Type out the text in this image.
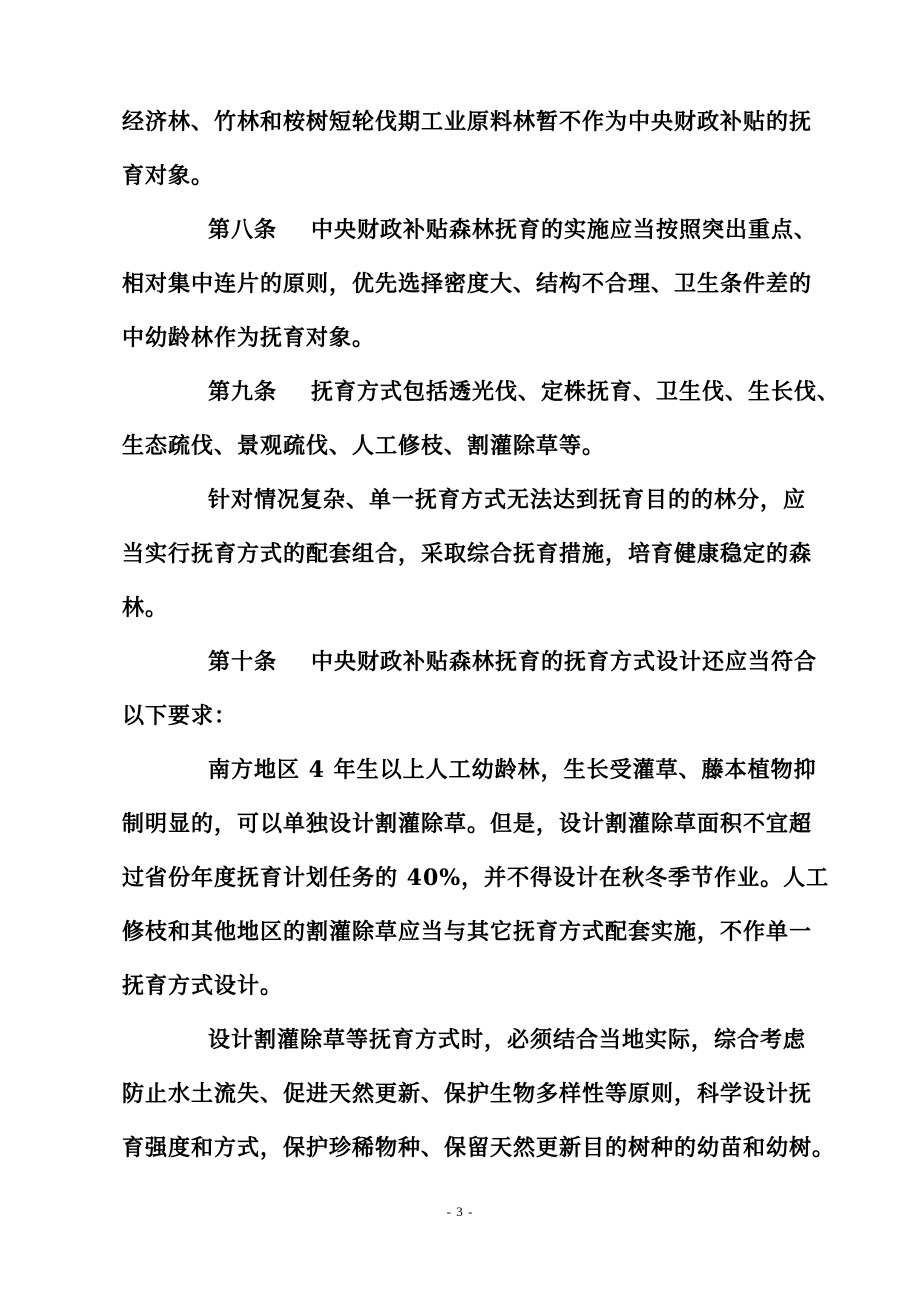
经济林、竹林和桉树短轮伐期工业原料林暂不作为中央财政补贴的抚
育对象。
第八条 中央财政补贴森林抚育的实施应当按照突出重点、
相对集中连片的原则，优先选择密度大、结构不合理、卫生条件差的
中幼龄林作为抚育对象。
第九条 抚育方式包括透光伐、定株抚育、卫生伐、生长伐、
生态疏伐、景观疏伐、人工修枝、割灌除草等。
针对情况复杂、单一抚育方式无法达到抚育目的的林分，应
当实行抚育方式的配套组合，采取综合抚育措施，培育健康稳定的森
林。
第十条 中央财政补贴森林抚育的抚育方式设计还应当符合
以下要求：
南方地区 4 年生以上人工幼龄林，生长受灌草、藤本植物抑
制明显的，可以单独设计割灌除草。但是，设计割灌除草面积不宜超
过省份年度抚育计划任务的 40%，并不得设计在秋冬季节作业。人工
修枝和其他地区的割灌除草应当与其它抚育方式配套实施，不作单一
抚育方式设计。
设计割灌除草等抚育方式时，必须结合当地实际，综合考虑
防止水土流失、促进天然更新、保护生物多样性等原则，科学设计抚
育强度和方式，保护珍稀物种、保留天然更新目的树种的幼苗和幼树。
- 3 -
